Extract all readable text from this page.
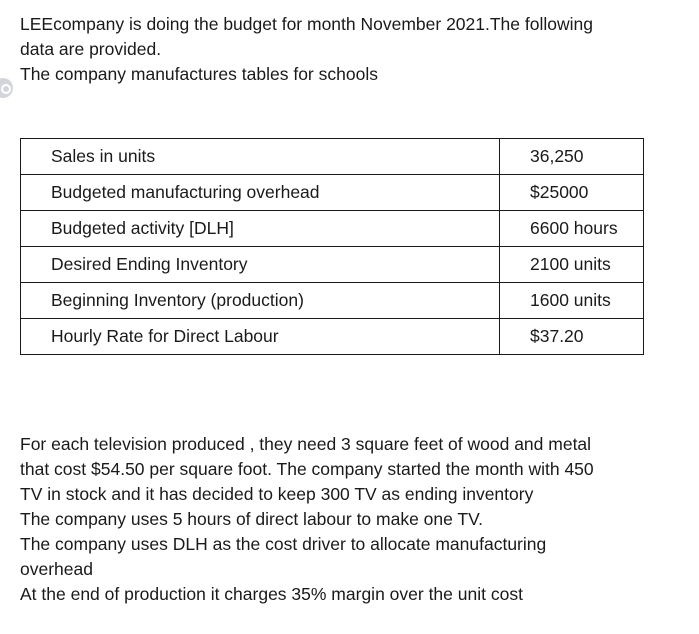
LEEcompany is doing the budget for month November 2021.The following

data are provided.

The company manufactures tables for schools

Sales in units	36,250
Budgeted manufacturing overhead	$25000
Budgeted activity [DLH]	6600 hours
Desired Ending Inventory	2100 units
Beginning Inventory (production)	1600 units
Hourly Rate for Direct Labour	$37.20

For each television produced , they need 3 square feet of wood and metal

that cost $54.50 per square foot. The company started the month with 450

TV in stock and it has decided to keep 300 TV as ending inventory

The company uses 5 hours of direct labour to make one TV.

The company uses DLH as the cost driver to allocate manufacturing

overhead

At the end of production it charges 35% margin over the unit cost
